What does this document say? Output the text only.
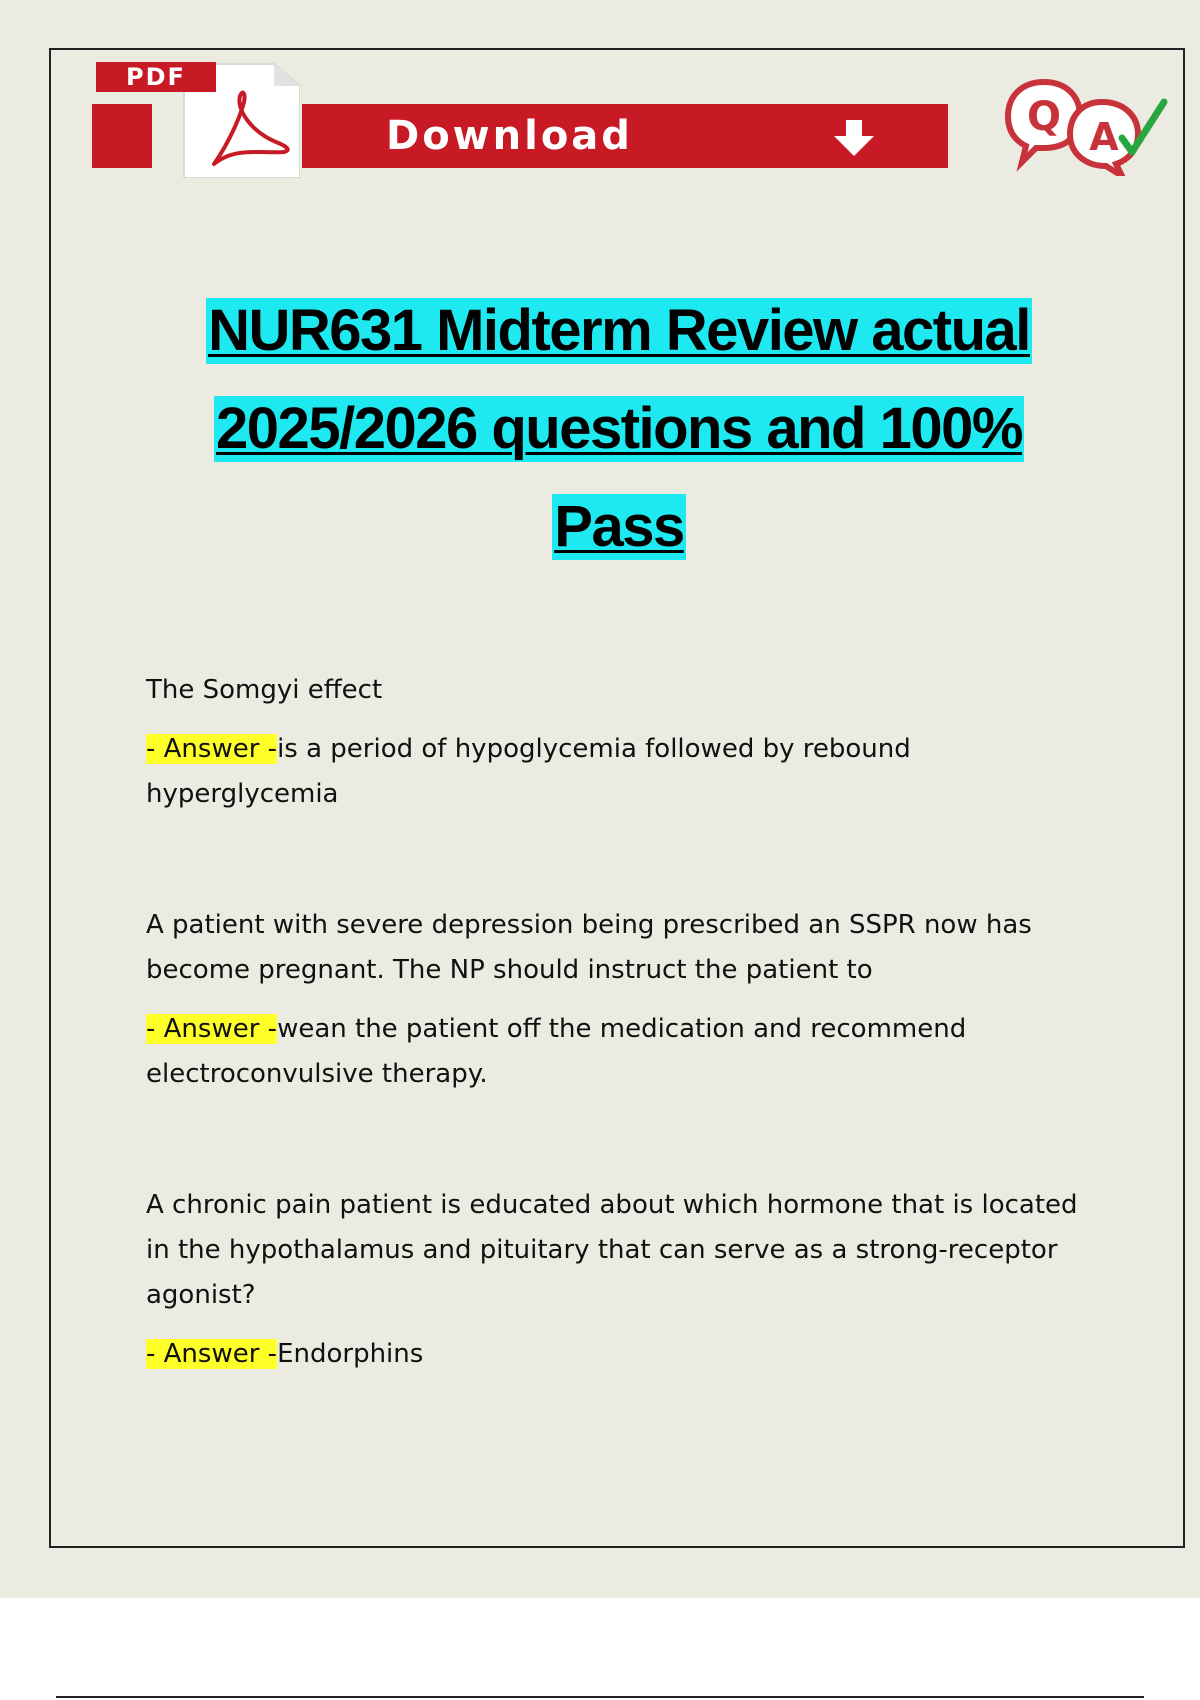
PDF
Download	Q A
NUR631 Midterm Review actual
2025/2026 questions and 100%
Pass

The Somgyi effect

- Answer -is a period of hypoglycemia followed by rebound hyperglycemia

A patient with severe depression being prescribed an SSPR now has become pregnant. The NP should instruct the patient to

- Answer -wean the patient off the medication and recommend electroconvulsive therapy.

A chronic pain patient is educated about which hormone that is located in the hypothalamus and pituitary that can serve as a strong-receptor agonist?

- Answer -Endorphins
